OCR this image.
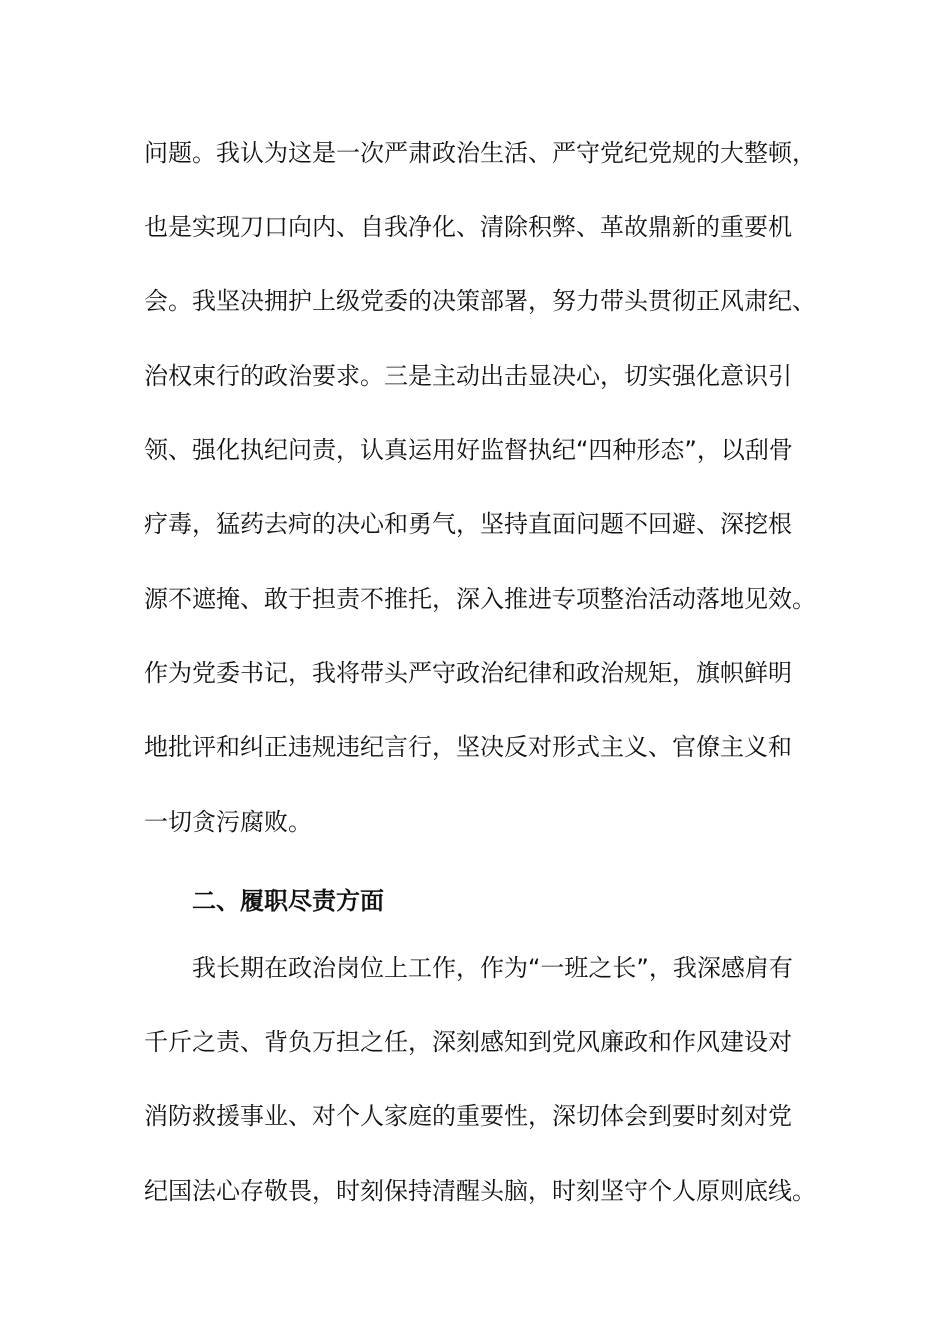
问题。我认为这是一次严肃政治生活、严守党纪党规的大整顿，
也是实现刀口向内、自我净化、清除积弊、革故鼎新的重要机
会。我坚决拥护上级党委的决策部署，努力带头贯彻正风肃纪、
治权束行的政治要求。三是主动出击显决心，切实强化意识引
领、强化执纪问责，认真运用好监督执纪“四种形态”，以刮骨
疗毒，猛药去疴的决心和勇气，坚持直面问题不回避、深挖根
源不遮掩、敢于担责不推托，深入推进专项整治活动落地见效。
作为党委书记，我将带头严守政治纪律和政治规矩，旗帜鲜明
地批评和纠正违规违纪言行，坚决反对形式主义、官僚主义和
一切贪污腐败。
二、履职尽责方面
我长期在政治岗位上工作，作为“一班之长”，我深感肩有
千斤之责、背负万担之任，深刻感知到党风廉政和作风建设对
消防救援事业、对个人家庭的重要性，深切体会到要时刻对党
纪国法心存敬畏，时刻保持清醒头脑，时刻坚守个人原则底线。
